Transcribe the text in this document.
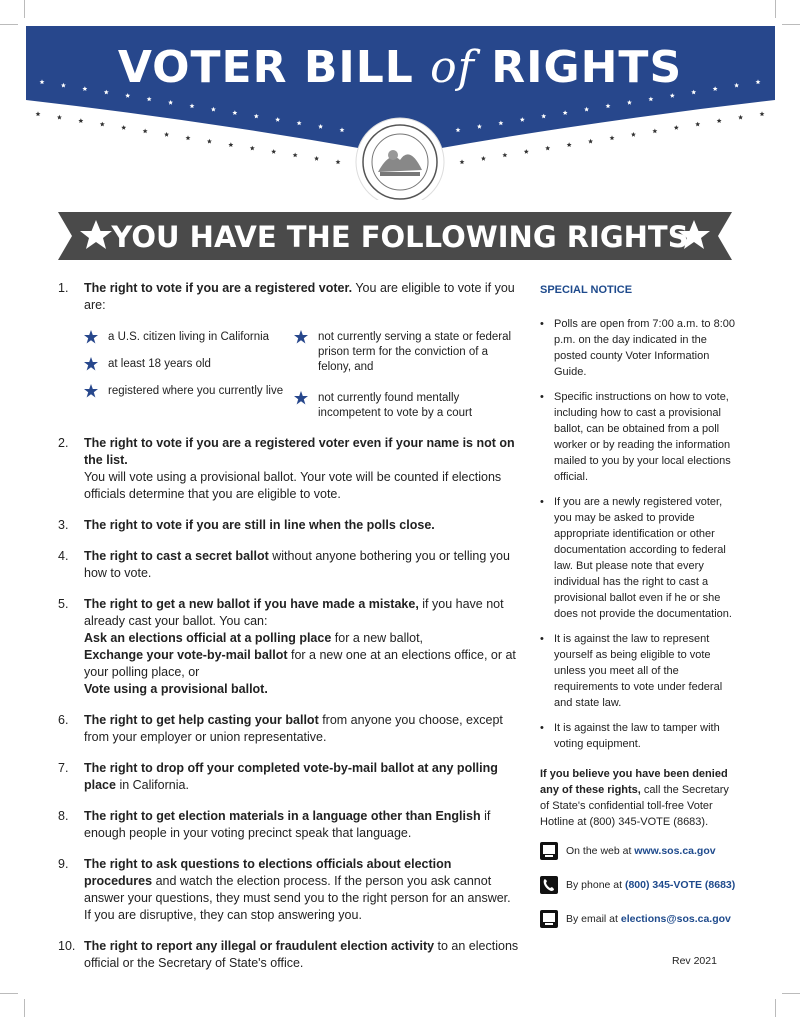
VOTER BILL of RIGHTS
YOU HAVE THE FOLLOWING RIGHTS
1. The right to vote if you are a registered voter. You are eligible to vote if you are:
a U.S. citizen living in California
at least 18 years old
registered where you currently live
not currently serving a state or federal prison term for the conviction of a felony, and
not currently found mentally incompetent to vote by a court
2. The right to vote if you are a registered voter even if your name is not on the list.
You will vote using a provisional ballot. Your vote will be counted if elections officials determine that you are eligible to vote.
3. The right to vote if you are still in line when the polls close.
4. The right to cast a secret ballot without anyone bothering you or telling you how to vote.
5. The right to get a new ballot if you have made a mistake, if you have not already cast your ballot. You can:
Ask an elections official at a polling place for a new ballot,
Exchange your vote-by-mail ballot for a new one at an elections office, or at your polling place, or
Vote using a provisional ballot.
6. The right to get help casting your ballot from anyone you choose, except from your employer or union representative.
7. The right to drop off your completed vote-by-mail ballot at any polling place in California.
8. The right to get election materials in a language other than English if enough people in your voting precinct speak that language.
9. The right to ask questions to elections officials about election procedures and watch the election process. If the person you ask cannot answer your questions, they must send you to the right person for an answer. If you are disruptive, they can stop answering you.
10. The right to report any illegal or fraudulent election activity to an elections official or the Secretary of State's office.
SPECIAL NOTICE
• Polls are open from 7:00 a.m. to 8:00 p.m. on the day indicated in the posted county Voter Information Guide.
• Specific instructions on how to vote, including how to cast a provisional ballot, can be obtained from a poll worker or by reading the information mailed to you by your local elections official.
• If you are a newly registered voter, you may be asked to provide appropriate identification or other documentation according to federal law. But please note that every individual has the right to cast a provisional ballot even if he or she does not provide the documentation.
• It is against the law to represent yourself as being eligible to vote unless you meet all of the requirements to vote under federal and state law.
• It is against the law to tamper with voting equipment.
If you believe you have been denied any of these rights, call the Secretary of State's confidential toll-free Voter Hotline at (800) 345-VOTE (8683).
On the web at www.sos.ca.gov
By phone at (800) 345-VOTE (8683)
By email at elections@sos.ca.gov
Rev 2021
